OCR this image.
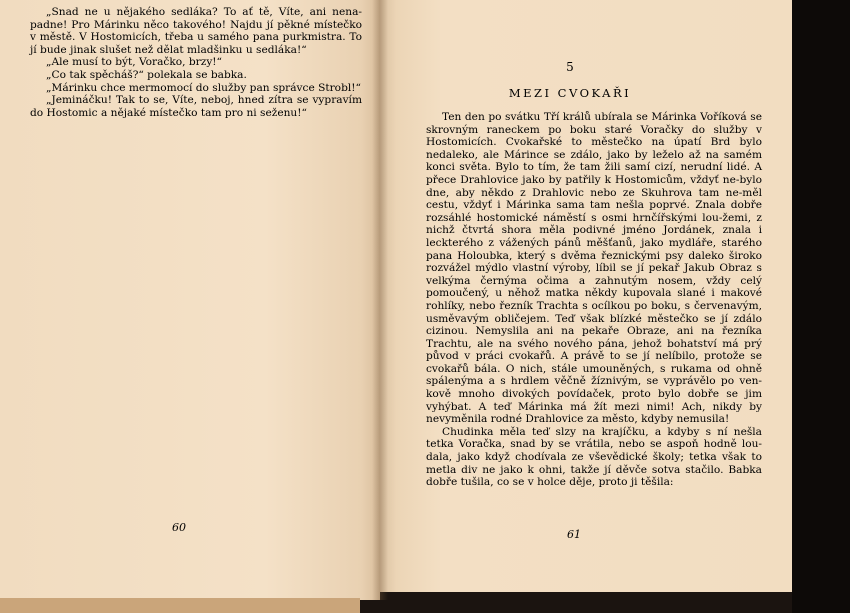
„Snad ne u nějakého sedláka? To ať tě, Víte, ani nena-padne! Pro Márinku něco takového! Najdu jí pěkné místečko v městě. V Hostomicích, třeba u samého pana purkmistra. To jí bude jinak slušet než dělat mladšinku u sedláka!“

„Ale musí to být, Voračko, brzy!“

„Co tak spěcháš?“ polekala se babka.

„Márinku chce mermomocí do služby pan správce Strobl!“

„Jemináčku! Tak to se, Víte, neboj, hned zítra se vypravím do Hostomic a nějaké místečko tam pro ni seženu!“

60
5
MEZI CVOKAŘI

Ten den po svátku Tří králů ubírala se Márinka Voříková se skrovným raneckem po boku staré Voračky do služby v Hostomicích. Cvokařské to městečko na úpatí Brd bylo nedaleko, ale Márince se zdálo, jako by leželo až na samém konci světa. Bylo to tím, že tam žili samí cizí, nerudní lidé. A přece Drahlovice jako by patřily k Hostomicům, vždyť ne-bylo dne, aby někdo z Drahlovic nebo ze Skuhrova tam ne-měl cestu, vždyť i Márinka sama tam nešla poprvé. Znala dobře rozsáhlé hostomické náměstí s osmi hrnčířskými lou-žemi, z nichž čtvrtá shora měla podivné jméno Jordánek, znala i leckterého z vážených pánů měšťanů, jako mydláře, starého pana Holoubka, který s dvěma řeznickými psy daleko široko rozvážel mýdlo vlastní výroby, líbil se jí pekař Jakub Obraz s velkýma černýma očima a zahnutým nosem, vždy celý pomoučený, u něhož matka někdy kupovala slané i makové rohlíky, nebo řezník Trachta s ocílkou po boku, s červenavým, usměvavým obličejem. Teď však blízké městečko se jí zdálo cizinou. Nemyslila ani na pekaře Obraze, ani na řezníka Trachtu, ale na svého nového pána, jehož bohatství má prý původ v práci cvokařů. A právě to se jí nelíbilo, protože se cvokařů bála. O nich, stále umouněných, s rukama od ohně spálenýma a s hrdlem věčně žíznivým, se vyprávělo po ven-kově mnoho divokých povídaček, proto bylo dobře se jim vyhýbat. A teď Márinka má žít mezi nimi! Ach, nikdy by nevyměnila rodné Drahlovice za město, kdyby nemusila!

Chudinka měla teď slzy na krajíčku, a kdyby s ní nešla tetka Voračka, snad by se vrátila, nebo se aspoň hodně lou-dala, jako když chodívala ze vševědické školy; tetka však to metla div ne jako k ohni, takže jí děvče sotva stačilo. Babka dobře tušila, co se v holce děje, proto ji těšila:

61
